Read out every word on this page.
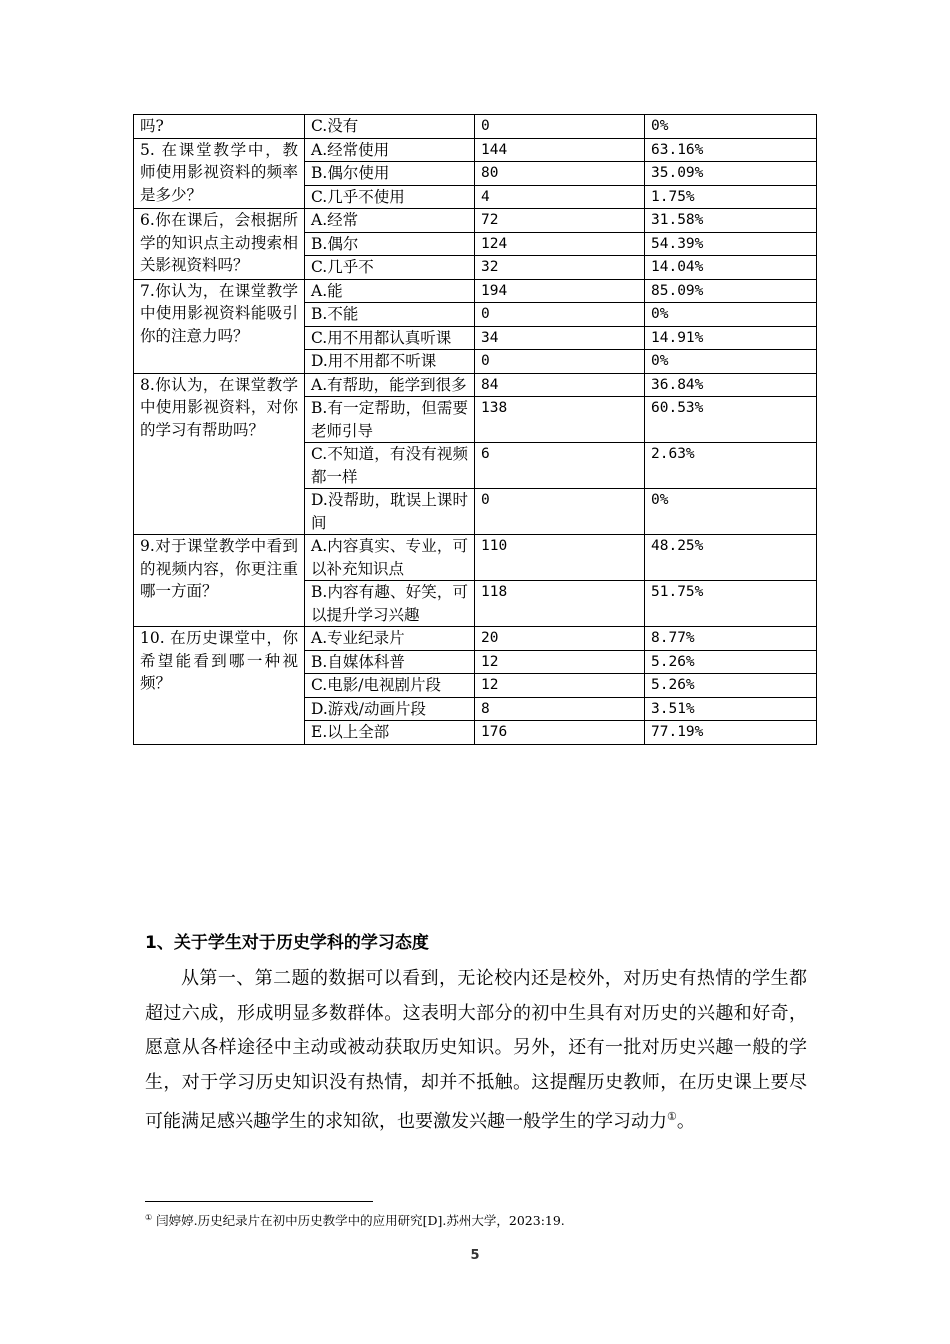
吗?	C.没有	0	0%
5. 在课堂教学中，教师使用影视资料的频率是多少？	A.经常使用	144	63.16%
	B.偶尔使用	80	35.09%
	C.几乎不使用	4	1.75%
6.你在课后，会根据所学的知识点主动搜索相关影视资料吗？	A.经常	72	31.58%
	B.偶尔	124	54.39%
	C.几乎不	32	14.04%
7.你认为，在课堂教学中使用影视资料能吸引你的注意力吗？	A.能	194	85.09%
	B.不能	0	0%
	C.用不用都认真听课	34	14.91%
	D.用不用都不听课	0	0%
8.你认为，在课堂教学中使用影视资料，对你的学习有帮助吗？	A.有帮助，能学到很多	84	36.84%
	B.有一定帮助，但需要老师引导	138	60.53%
	C.不知道，有没有视频都一样	6	2.63%
	D.没帮助，耽误上课时间	0	0%
9.对于课堂教学中看到的视频内容，你更注重哪一方面？	A.内容真实、专业，可以补充知识点	110	48.25%
	B.内容有趣、好笑，可以提升学习兴趣	118	51.75%
10. 在历史课堂中，你希望能看到哪一种视频？	A.专业纪录片	20	8.77%
	B.自媒体科普	12	5.26%
	C.电影/电视剧片段	12	5.26%
	D.游戏/动画片段	8	3.51%
	E.以上全部	176	77.19%
1、关于学生对于历史学科的学习态度

从第一、第二题的数据可以看到，无论校内还是校外，对历史有热情的学生都超过六成，形成明显多数群体。这表明大部分的初中生具有对历史的兴趣和好奇，愿意从各样途径中主动或被动获取历史知识。另外，还有一批对历史兴趣一般的学生，对于学习历史知识没有热情，却并不抵触。这提醒历史教师，在历史课上要尽可能满足感兴趣学生的求知欲，也要激发兴趣一般学生的学习动力①。

① 闫婷婷.历史纪录片在初中历史教学中的应用研究[D].苏州大学，2023:19.

5
